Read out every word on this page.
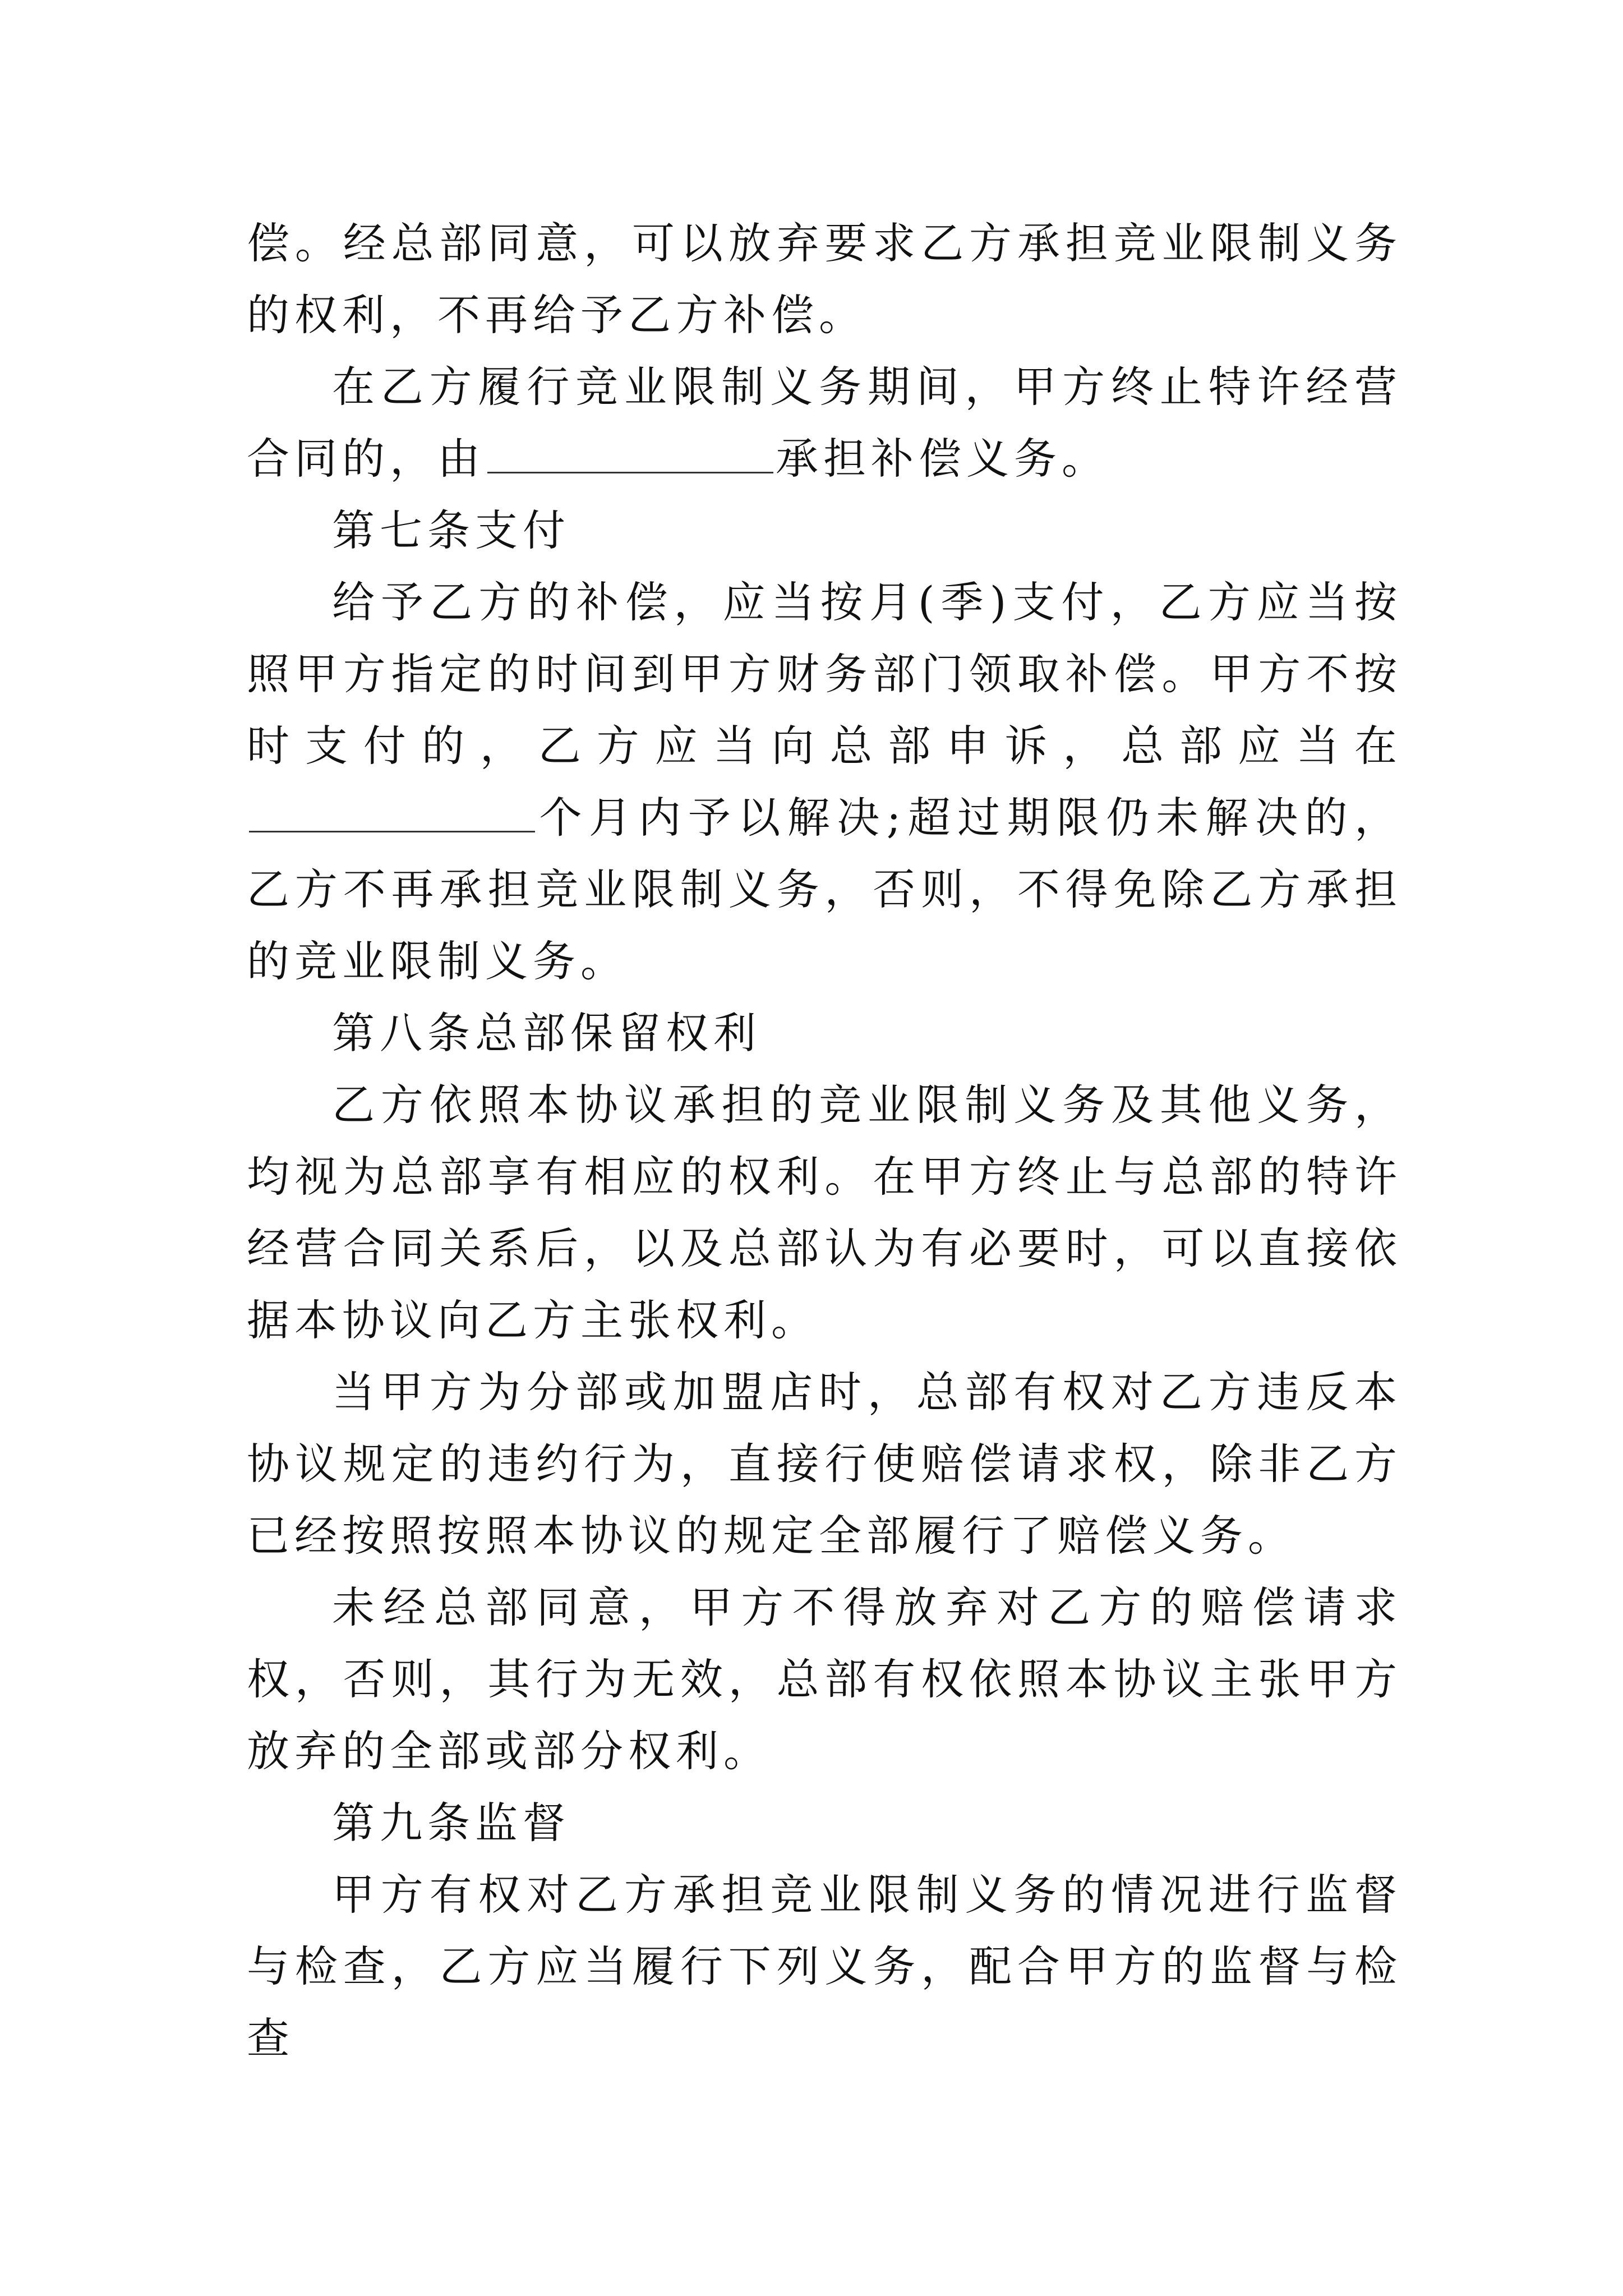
偿。经总部同意，可以放弃要求乙方承担竞业限制义务的权利，不再给予乙方补偿。

在乙方履行竞业限制义务期间，甲方终止特许经营合同的，由	承担补偿义务。

第七条支付

给予乙方的补偿，应当按月(季)支付，乙方应当按照甲方指定的时间到甲方财务部门领取补偿。甲方不按时支付的，乙方应当向总部申诉，总部应当在个月内予以解决;超过期限仍未解决的，乙方不再承担竞业限制义务，否则，不得免除乙方承担的竞业限制义务。

第八条总部保留权利

乙方依照本协议承担的竞业限制义务及其他义务，均视为总部享有相应的权利。在甲方终止与总部的特许经营合同关系后，以及总部认为有必要时，可以直接依据本协议向乙方主张权利。

当甲方为分部或加盟店时，总部有权对乙方违反本协议规定的违约行为，直接行使赔偿请求权，除非乙方已经按照按照本协议的规定全部履行了赔偿义务。

未经总部同意，甲方不得放弃对乙方的赔偿请求权，否则，其行为无效，总部有权依照本协议主张甲方放弃的全部或部分权利。

第九条监督

甲方有权对乙方承担竞业限制义务的情况进行监督与检查，乙方应当履行下列义务，配合甲方的监督与检查
